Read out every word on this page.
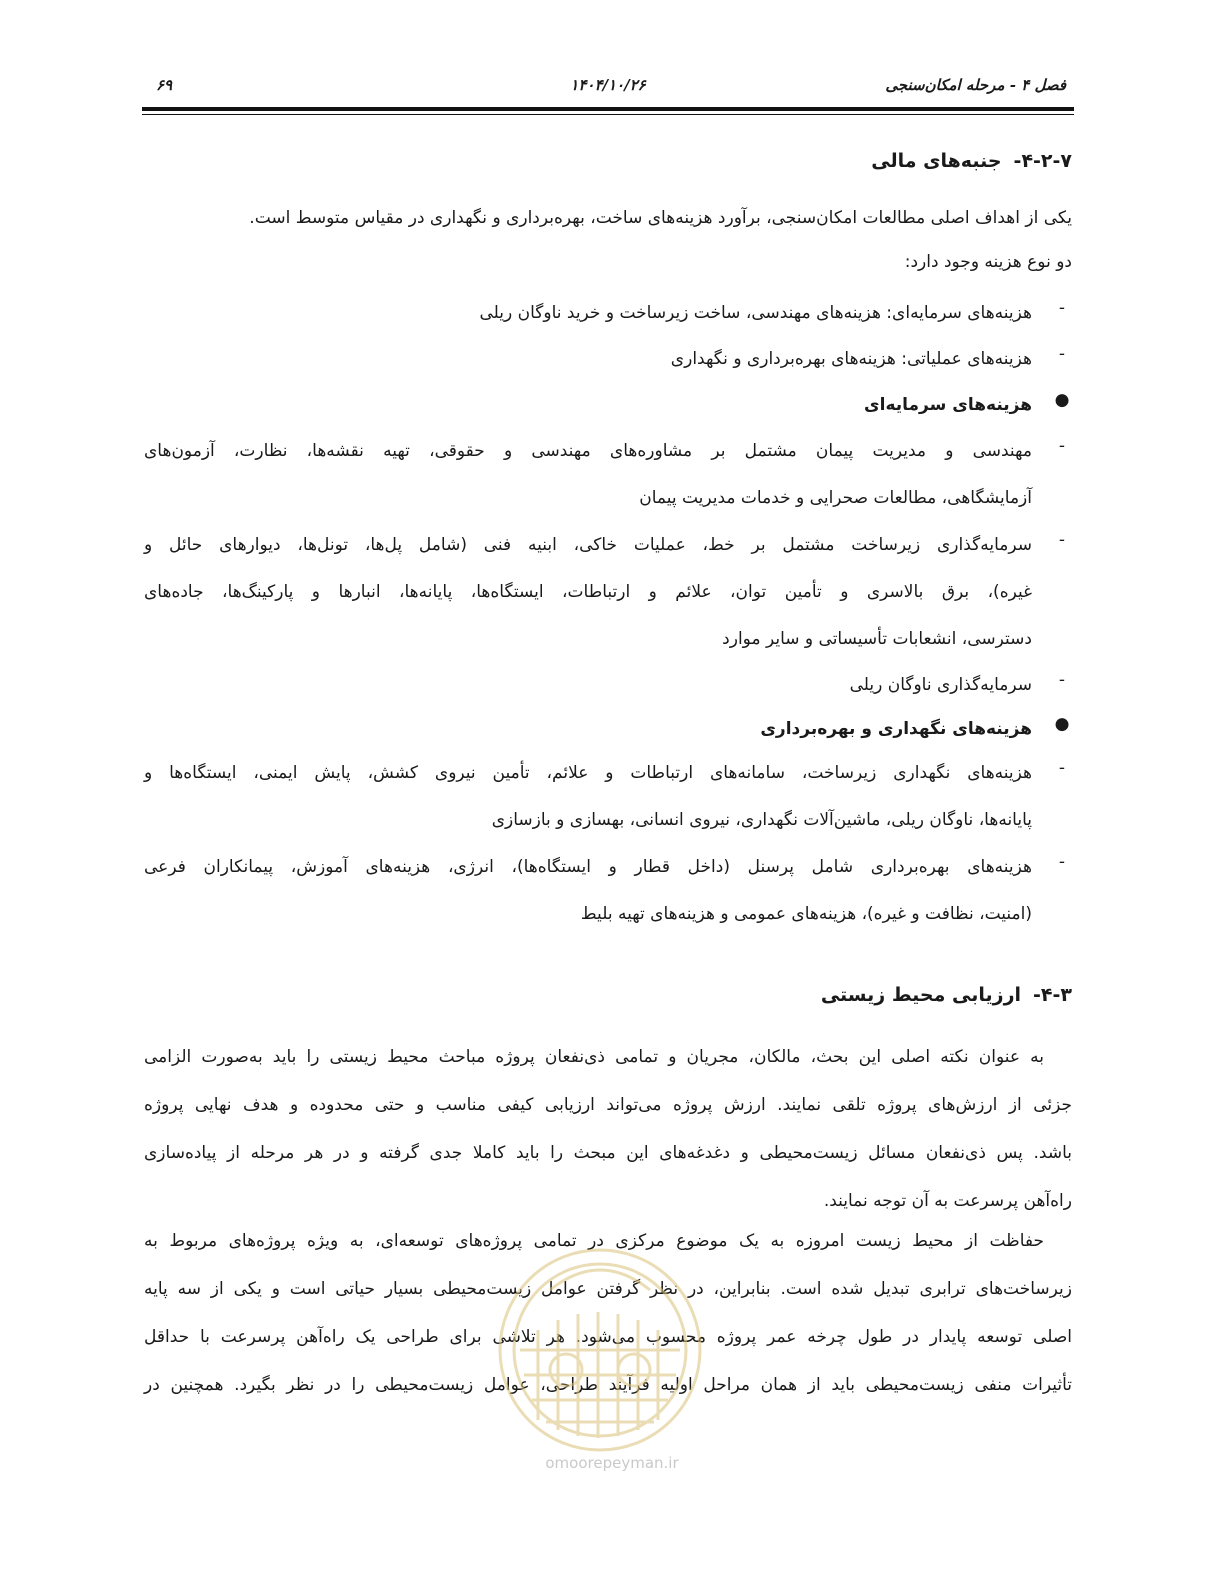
فصل ۴ - مرحله امکان‌سنجی
۱۴۰۴/۱۰/۲۶
۶۹
۴-۲-۷-جنبه‌های مالی
یکی از اهداف اصلی مطالعات امکان‌سنجی، برآورد هزینه‌های ساخت، بهره‌برداری و نگهداری در مقیاس متوسط است.
دو نوع هزینه وجود دارد:
-
هزینه‌های سرمایه‌ای: هزینه‌های مهندسی، ساخت زیرساخت و خرید ناوگان ریلی
-
هزینه‌های عملیاتی: هزینه‌های بهره‌برداری و نگهداری
●
هزینه‌های سرمایه‌ای
-
مهندسی و مدیریت پیمان مشتمل بر مشاوره‌های مهندسی و حقوقی، تهیه نقشه‌ها، نظارت، آزمون‌های
آزمایشگاهی، مطالعات صحرایی و خدمات مدیریت پیمان
-
سرمایه‌گذاری زیرساخت مشتمل بر خط، عملیات خاکی، ابنیه فنی (شامل پل‌ها، تونل‌ها، دیوارهای حائل و
غیره)، برق بالاسری و تأمین توان، علائم و ارتباطات، ایستگاه‌ها، پایانه‌ها، انبارها و پارکینگ‌ها، جاده‌های
دسترسی، انشعابات تأسیساتی و سایر موارد
-
سرمایه‌گذاری ناوگان ریلی
●
هزینه‌های نگهداری و بهره‌برداری
-
هزینه‌های نگهداری زیرساخت، سامانه‌های ارتباطات و علائم، تأمین نیروی کشش، پایش ایمنی، ایستگاه‌ها و
پایانه‌ها، ناوگان ریلی، ماشین‌آلات نگهداری، نیروی انسانی، بهسازی و بازسازی
-
هزینه‌های بهره‌برداری شامل پرسنل (داخل قطار و ایستگاه‌ها)، انرژی، هزینه‌های آموزش، پیمانکاران فرعی
(امنیت، نظافت و غیره)، هزینه‌های عمومی و هزینه‌های تهیه بلیط
۴-۳-ارزیابی محیط زیستی
به عنوان نکته اصلی این بحث، مالکان، مجریان و تمامی ذی‌نفعان پروژه مباحث محیط زیستی را باید به‌صورت الزامی
جزئی از ارزش‌های پروژه تلقی نمایند. ارزش پروژه می‌تواند ارزیابی کیفی مناسب و حتی محدوده و هدف نهایی پروژه
باشد. پس ذی‌نفعان مسائل زیست‌محیطی و دغدغه‌های این مبحث را باید کاملا جدی گرفته و در هر مرحله از پیاده‌سازی
راه‌آهن پرسرعت به آن توجه نمایند.
حفاظت از محیط زیست امروزه به یک موضوع مرکزی در تمامی پروژه‌های توسعه‌ای، به ویژه پروژه‌های مربوط به
زیرساخت‌های ترابری تبدیل شده است. بنابراین، در نظر گرفتن عوامل زیست‌محیطی بسیار حیاتی است و یکی از سه پایه
اصلی توسعه پایدار در طول چرخه عمر پروژه محسوب می‌شود. هر تلاشی برای طراحی یک راه‌آهن پرسرعت با حداقل
تأثیرات منفی زیست‌محیطی باید از همان مراحل اولیه فرآیند طراحی، عوامل زیست‌محیطی را در نظر بگیرد. همچنین در
omoorepeyman.ir
